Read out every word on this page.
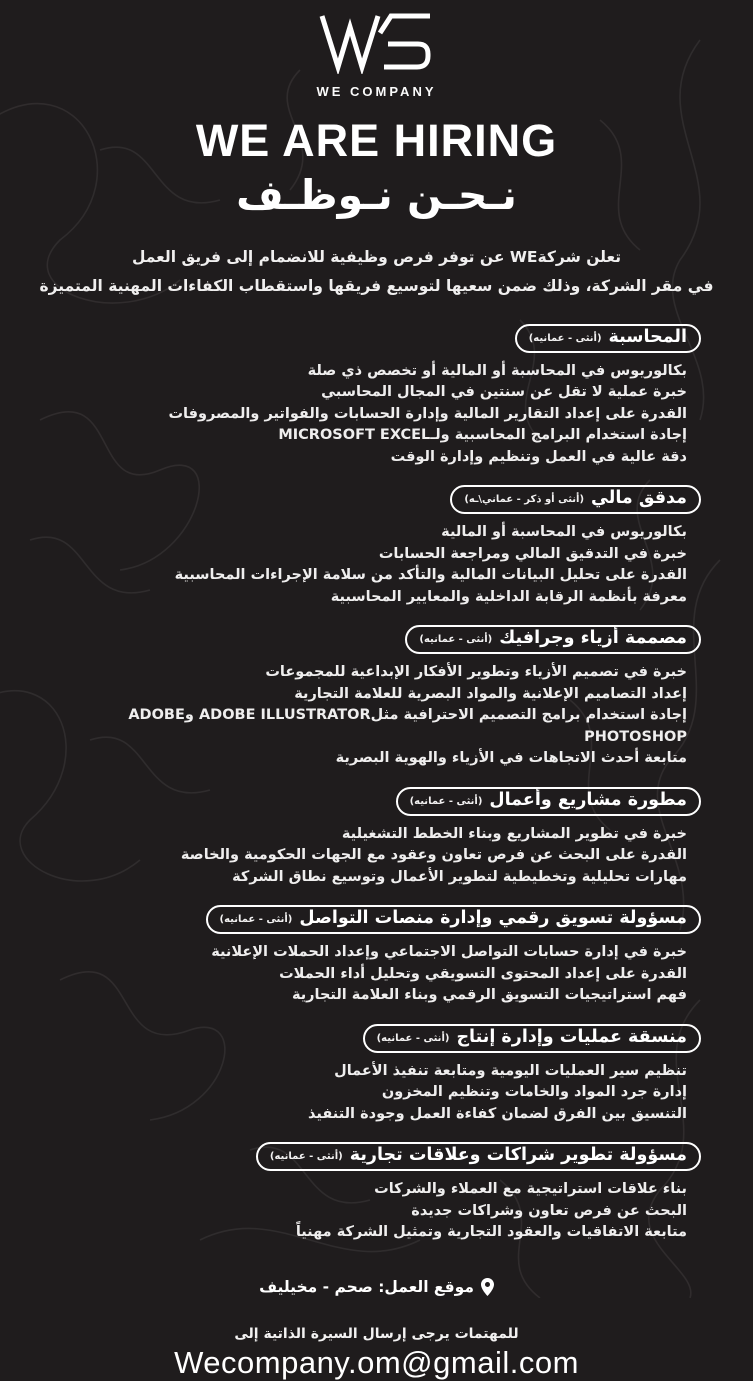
WE COMPANY
WE ARE HIRING
نـحـن نـوظـف
تعلن شركةWE عن توفر فرص وظيفية للانضمام إلى فريق العمل
في مقر الشركة، وذلك ضمن سعيها لتوسيع فريقها واستقطاب الكفاءات المهنية المتميزة
المحاسبة
(أنثى - عمانيه)
بكالوريوس في المحاسبة أو المالية أو تخصص ذي صلة
خبرة عملية لا تقل عن سنتين في المجال المحاسبي
القدرة على إعداد التقارير المالية وإدارة الحسابات والفواتير والمصروفات
إجادة استخدام البرامج المحاسبية ولـMICROSOFT EXCEL
دقة عالية في العمل وتنظيم وإدارة الوقت
مدقق مالي
(أنثى أو ذكر - عماني\ـه)
بكالوريوس في المحاسبة أو المالية
خبرة في التدقيق المالي ومراجعة الحسابات
القدرة على تحليل البيانات المالية والتأكد من سلامة الإجراءات المحاسبية
معرفة بأنظمة الرقابة الداخلية والمعايير المحاسبية
مصممة أزياء وجرافيك
(أنثى - عمانيه)
خبرة في تصميم الأزياء وتطوير الأفكار الإبداعية للمجموعات
إعداد التصاميم الإعلانية والمواد البصرية للعلامة التجارية
إجادة استخدام برامج التصميم الاحترافية مثلADOBE ILLUSTRATOR وADOBE PHOTOSHOP
متابعة أحدث الاتجاهات في الأزياء والهوية البصرية
مطورة مشاريع وأعمال
(أنثى - عمانيه)
خبرة في تطوير المشاريع وبناء الخطط التشغيلية
القدرة على البحث عن فرص تعاون وعقود مع الجهات الحكومية والخاصة
مهارات تحليلية وتخطيطية لتطوير الأعمال وتوسيع نطاق الشركة
مسؤولة تسويق رقمي وإدارة منصات التواصل
(أنثى - عمانيه)
خبرة في إدارة حسابات التواصل الاجتماعي وإعداد الحملات الإعلانية
القدرة على إعداد المحتوى التسويقي وتحليل أداء الحملات
فهم استراتيجيات التسويق الرقمي وبناء العلامة التجارية
منسقة عمليات وإدارة إنتاج
(أنثى - عمانيه)
تنظيم سير العمليات اليومية ومتابعة تنفيذ الأعمال
إدارة جرد المواد والخامات وتنظيم المخزون
التنسيق بين الفرق لضمان كفاءة العمل وجودة التنفيذ
مسؤولة تطوير شراكات وعلاقات تجارية
(أنثى - عمانيه)
بناء علاقات استراتيجية مع العملاء والشركات
البحث عن فرص تعاون وشراكات جديدة
متابعة الاتفاقيات والعقود التجارية وتمثيل الشركة مهنياً
موقع العمل: صحم - مخيليف
للمهتمات يرجى إرسال السيرة الذاتية إلى
Wecompany.om@gmail.com
